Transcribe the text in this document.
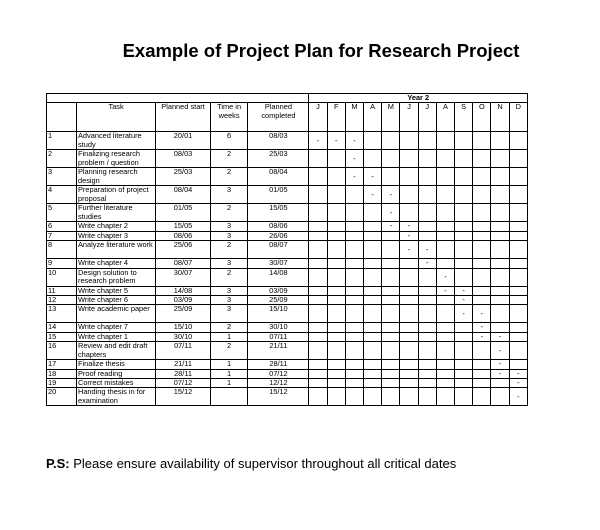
Example of Project Plan for Research Project
					Year 2											
	Task	Planned start	Time in weeks	Planned completed	J	F	M	A	M	J	J	A	S	O	N	D
1	Advanced literature study	20/01	6	08/03	-	-	-									
2	Finalizing research problem / question	08/03	2	25/03			-									
3	Planning research design	25/03	2	08/04			-	-								
4	Preparation of project proposal	08/04	3	01/05				-	-							
5	Further literature studies	01/05	2	15/05					-							
6	Write chapter 2	15/05	3	08/06					-	-						
7	Write chapter 3	08/06	3	26/06						-						
8	Analyze literature work	25/06	2	08/07						-	-					
9	Write chapter 4	08/07	3	30/07							-					
10	Design solution to research problem	30/07	2	14/08								-				
11	Write chapter 5	14/08	3	03/09								-	-			
12	Write chapter 6	03/09	3	25/09									-			
13	Write academic paper	25/09	3	15/10									-	-		
14	Write chapter 7	15/10	2	30/10										-		
15	Write chapter 1	30/10	1	07/11										-	-	
16	Review and edit draft chapters	07/11	2	21/11											-	
17	Finalize thesis	21/11	1	28/11											-	
18	Proof reading	28/11	1	07/12											-	-
19	Correct mistakes	07/12	1	12/12												-
20	Handing thesis in for examination	15/12		15/12												-
P.S: Please ensure availability of supervisor throughout all critical dates
